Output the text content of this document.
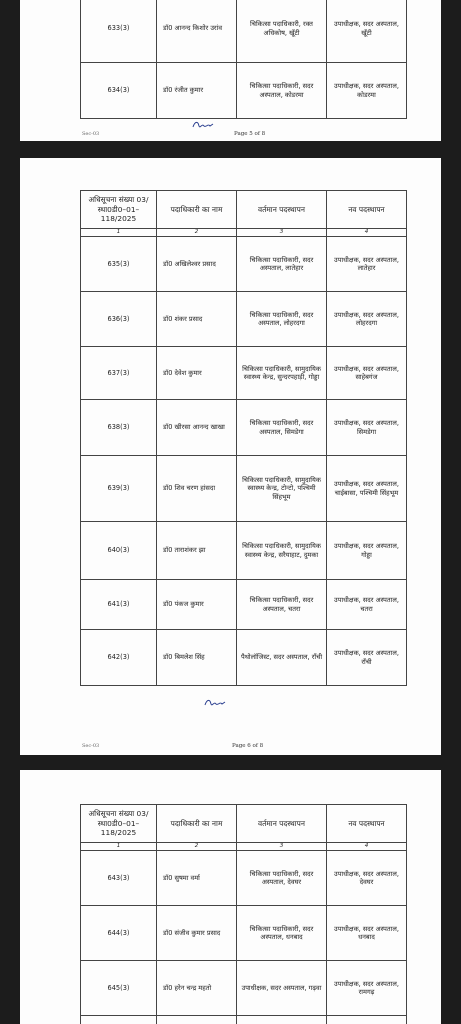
633(3)	डॉ0 आनन्द किशोर उरांव	चिकित्सा पदाधिकारी, रक्त अधिकोष, खूँटी	उपाधीक्षक, सदर अस्पताल, खूँटी
634(3)	डॉ0 रंजीत कुमार	चिकित्सा पदाधिकारी, सदर अस्पताल, कोडरमा	उपाधीक्षक, सदर अस्पताल, कोडरमा
Sec-03	Page 5 of 8
अधिसूचना संख्या 03/स्था0डी0–01–118/2025	पदाधिकारी का नाम	वर्तमान पदस्थापन	नव पदस्थापन
1	2	3	4
635(3)	डॉ0 अखिलेश्वर प्रसाद	चिकित्सा पदाधिकारी, सदर अस्पताल, लातेहार	उपाधीक्षक, सदर अस्पताल, लातेहार
636(3)	डॉ0 शंकर प्रसाद	चिकित्सा पदाधिकारी, सदर अस्पताल, लोहरदगा	उपाधीक्षक, सदर अस्पताल, लोहरदगा
637(3)	डॉ0 देवेश कुमार	चिकित्सा पदाधिकारी, सामुदायिक स्वास्थ्य केन्द्र, सुन्दरपहाड़ी, गोड्डा	उपाधीक्षक, सदर अस्पताल, साहेबगंज
638(3)	डॉ0 खीरसा आनन्द खाखा	चिकित्सा पदाधिकारी, सदर अस्पताल, सिमडेगा	उपाधीक्षक, सदर अस्पताल, सिमडेगा
639(3)	डॉ0 शिव चरण हांसदा	चिकित्सा पदाधिकारी, सामुदायिक स्वास्थ्य केन्द्र, टोन्टो, पश्चिमी सिंहभूम	उपाधीक्षक, सदर अस्पताल, चाईबासा, पश्चिमी सिंहभूम
640(3)	डॉ0 ताराशंकर झा	चिकित्सा पदाधिकारी, सामुदायिक स्वास्थ्य केन्द्र, सरैयाहाट, दुमका	उपाधीक्षक, सदर अस्पताल, गोड्डा
641(3)	डॉ0 पंकज कुमार	चिकित्सा पदाधिकारी, सदर अस्पताल, चतरा	उपाधीक्षक, सदर अस्पताल, चतरा
642(3)	डॉ0 बिमलेश सिंह	पैथोलॉजिस्ट, सदर अस्पताल, राँची	उपाधीक्षक, सदर अस्पताल, राँची
Sec-03	Page 6 of 8
अधिसूचना संख्या 03/स्था0डी0–01–118/2025	पदाधिकारी का नाम	वर्तमान पदस्थापन	नव पदस्थापन
1	2	3	4
643(3)	डॉ0 सुषमा वर्मा	चिकित्सा पदाधिकारी, सदर अस्पताल, देवघर	उपाधीक्षक, सदर अस्पताल, देवघर
644(3)	डॉ0 संजीव कुमार प्रसाद	चिकित्सा पदाधिकारी, सदर अस्पताल, धनबाद	उपाधीक्षक, सदर अस्पताल, धनबाद
645(3)	डॉ0 हरेन चन्द्र महतो	उपाधीक्षक, सदर अस्पताल, गढ़वा	उपाधीक्षक, सदर अस्पताल, रामगढ़
